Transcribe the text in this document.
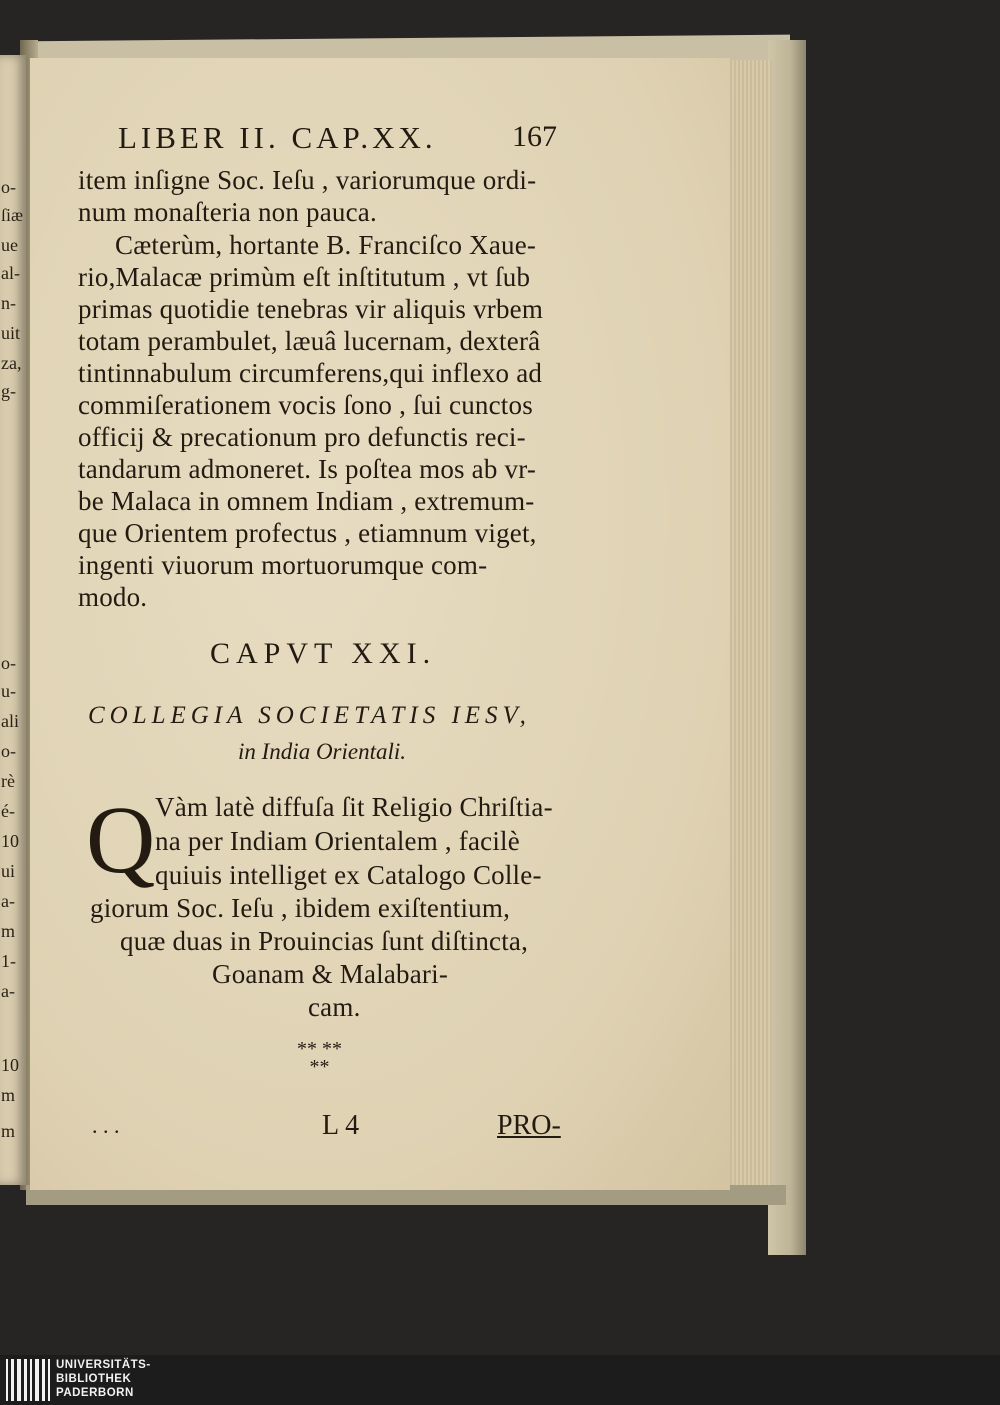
o-
ſiæ
ue
al-
n-
uit
za,
g-
o-
u-
ali
o-
rè
é-
10
ui
a-
m
1-
a-
10
m
m
LIBER II. CAP.XX.	167
item inſigne Soc. Ieſu , variorumque ordi-
num monaſteria non pauca.
Cæterùm, hortante B. Franciſco Xaue-
rio,Malacæ primùm eſt inſtitutum , vt ſub
primas quotidie tenebras vir aliquis vrbem
totam perambulet, læuâ lucernam, dexterâ
tintinnabulum circumferens,qui inflexo ad
commiſerationem vocis ſono , ſui cunctos
officij & precationum pro defunctis reci-
tandarum admoneret. Is poſtea mos ab vr-
be Malaca in omnem Indiam , extremum-
que Orientem profectus , etiamnum viget,
ingenti viuorum mortuorumque com-
modo.
CAPVT XXI.
COLLEGIA SOCIETATIS IESV,
in India Orientali.
Q Vàm latè diffuſa ſit Religio Chriſtia-
na per Indiam Orientalem , facilè
quiuis intelliget ex Catalogo Colle-
giorum Soc. Ieſu , ibidem exiſtentium,
quæ duas in Prouincias ſunt diſtincta,
Goanam & Malabari-
cam.
** **
**
. . .	L 4	PRO-
UNIVERSITÄTS-
BIBLIOTHEK
PADERBORN
